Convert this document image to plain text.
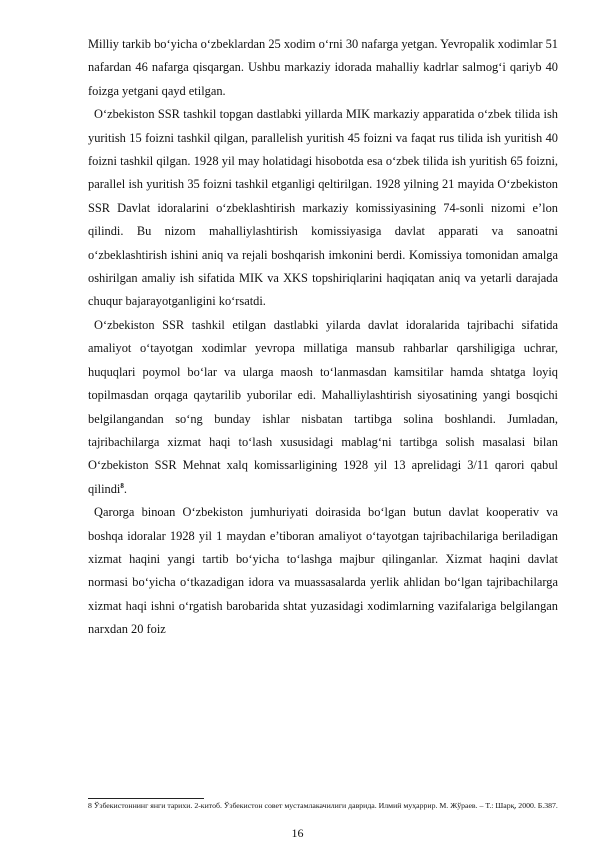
Milliy tarkib bo‘yicha o‘zbeklardan 25 xodim o‘rni 30 nafarga yetgan. Yevropalik xodimlar 51 nafardan 46 nafarga qisqargan. Ushbu markaziy idorada mahalliy kadrlar salmog‘i qariyb 40 foizga yetgani qayd etilgan.

O‘zbekiston SSR tashkil topgan dastlabki yillarda MIK markaziy apparatida o‘zbek tilida ish yuritish 15 foizni tashkil qilgan, parallelish yuritish 45 foizni va faqat rus tilida ish yuritish 40 foizni tashkil qilgan. 1928 yil may holatidagi hisobotda esa o‘zbek tilida ish yuritish 65 foizni, parallel ish yuritish 35 foizni tashkil etganligi qeltirilgan. 1928 yilning 21 mayida O‘zbekiston SSR Davlat idoralarini o‘zbeklashtirish markaziy komissiyasining 74-sonli nizomi e’lon qilindi. Bu nizom mahalliylashtirish komissiyasiga davlat apparati va sanoatni o‘zbeklashtirish ishini aniq va rejali boshqarish imkonini berdi. Komissiya tomonidan amalga oshirilgan amaliy ish sifatida MIK va XKS topshiriqlarini haqiqatan aniq va yetarli darajada chuqur bajarayotganligini ko‘rsatdi.

O‘zbekiston SSR tashkil etilgan dastlabki yilarda davlat idoralarida tajribachi sifatida amaliyot o‘tayotgan xodimlar yevropa millatiga mansub rahbarlar qarshiligiga uchrar, huquqlari poymol bo‘lar va ularga maosh to‘lanmasdan kamsitilar hamda shtatga loyiq topilmasdan orqaga qaytarilib yuborilar edi. Mahalliylashtirish siyosatining yangi bosqichi belgilangandan so‘ng bunday ishlar nisbatan tartibga solina boshlandi. Jumladan, tajribachilarga xizmat haqi to‘lash xususidagi mablag‘ni tartibga solish masalasi bilan O‘zbekiston SSR Mehnat xalq komissarligining 1928 yil 13 aprelidagi 3/11 qarori qabul qilindi$^8$.

Qarorga binoan O‘zbekiston jumhuriyati doirasida bo‘lgan butun davlat kooperativ va boshqa idoralar 1928 yil 1 maydan e’tiboran amaliyot o‘tayotgan tajribachilariga beriladigan xizmat haqini yangi tartib bo‘yicha to‘lashga majbur qilinganlar. Xizmat haqini davlat normasi bo‘yicha o‘tkazadigan idora va muassasalarda yerlik ahlidan bo‘lgan tajribachilarga xizmat haqi ishni o‘rgatish barobarida shtat yuzasidagi xodimlarning vazifalariga belgilangan narxdan 20 foiz

8 Ўзбекистоннинг янги тарихи. 2-китоб. Ўзбекистон совет мустамлакачилиги даврида. Илмий муҳаррир. М. Жўраев. – Т.: Шарқ, 2000. Б.387.

16
